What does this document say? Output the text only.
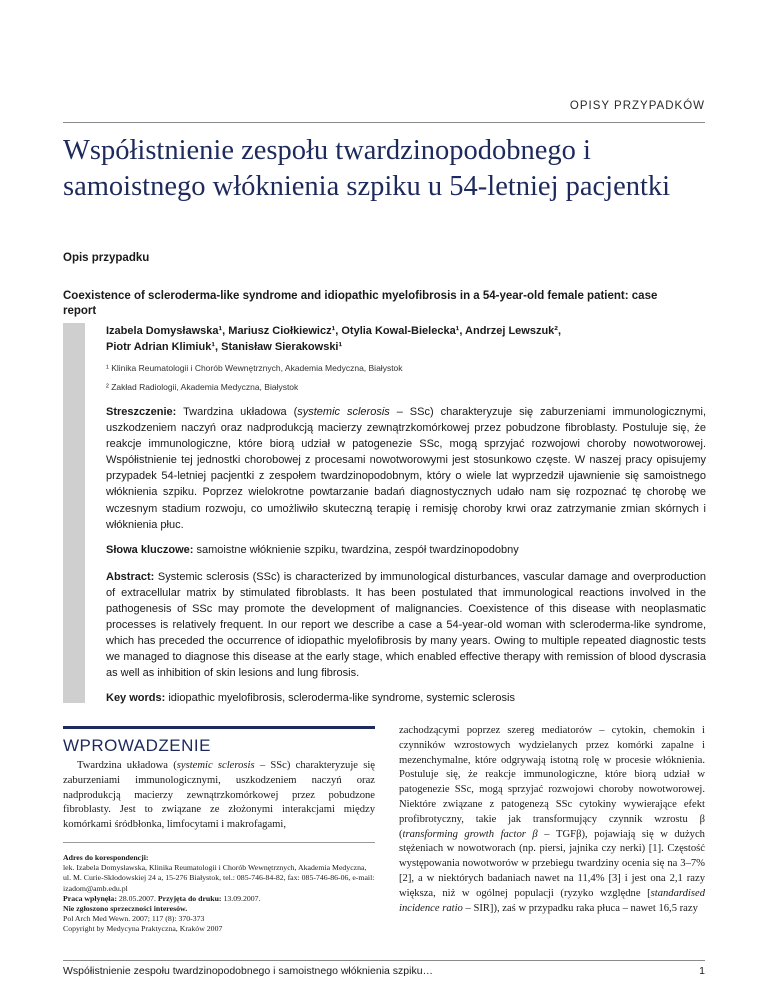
OPISY PRZYPADKÓW
Współistnienie zespołu twardzinopodobnego i samoistnego włóknienia szpiku u 54-letniej pacjentki
Opis przypadku
Coexistence of scleroderma-like syndrome and idiopathic myelofibrosis in a 54-year-old female patient: case report

Izabela Domysławska¹, Mariusz Ciołkiewicz¹, Otylia Kowal-Bielecka¹, Andrzej Lewszuk²,
Piotr Adrian Klimiuk¹, Stanisław Sierakowski¹

¹ Klinika Reumatologii i Chorób Wewnętrznych, Akademia Medyczna, Białystok

² Zakład Radiologii, Akademia Medyczna, Białystok

Streszczenie: Twardzina układowa (systemic sclerosis – SSc) charakteryzuje się zaburzeniami immunologicznymi, uszkodzeniem naczyń oraz nadprodukcją macierzy zewnątrzkomórkowej przez pobudzone fibroblasty. Postuluje się, że reakcje immunologiczne, które biorą udział w patogenezie SSc, mogą sprzyjać rozwojowi choroby nowotworowej. Współistnienie tej jednostki chorobowej z procesami nowotworowymi jest stosunkowo częste. W naszej pracy opisujemy przypadek 54-letniej pacjentki z zespołem twardzinopodobnym, który o wiele lat wyprzedził ujawnienie się samoistnego włóknienia szpiku. Poprzez wielokrotne powtarzanie badań diagnostycznych udało nam się rozpoznać tę chorobę we wczesnym stadium rozwoju, co umożliwiło skuteczną terapię i remisję choroby krwi oraz zatrzymanie zmian skórnych i włóknienia płuc.

Słowa kluczowe: samoistne włóknienie szpiku, twardzina, zespół twardzinopodobny

Abstract: Systemic sclerosis (SSc) is characterized by immunological disturbances, vascular damage and overproduction of extracellular matrix by stimulated fibroblasts. It has been postulated that immunological reactions involved in the pathogenesis of SSc may promote the development of malignancies. Coexistence of this disease with neoplasmatic processes is relatively frequent. In our report we describe a case a 54-year-old woman with scleroderma-like syndrome, which has preceded the occurrence of idiopathic myelofibrosis by many years. Owing to multiple repeated diagnostic tests we managed to diagnose this disease at the early stage, which enabled effective therapy with remission of blood dyscrasia as well as inhibition of skin lesions and lung fibrosis.

Key words: idiopathic myelofibrosis, scleroderma-like syndrome, systemic sclerosis

WPROWADZENIE

Twardzina układowa (systemic sclerosis – SSc) charakteryzuje się zaburzeniami immunologicznymi, uszkodzeniem naczyń oraz nadprodukcją macierzy zewnątrzkomórkowej przez pobudzone fibroblasty. Jest to związane ze złożonymi interakcjami między komórkami śródbłonka, limfocytami i makrofagami,

Adres do korespondencji:
lek. Izabela Domysławska, Klinika Reumatologii i Chorób Wewnętrznych, Akademia Medyczna, ul. M. Curie-Skłodowskiej 24 a, 15-276 Białystok, tel.: 085-746-84-82, fax: 085-746-86-06, e-mail: izadom@amb.edu.pl
Praca wpłynęła: 28.05.2007. Przyjęta do druku: 13.09.2007.
Nie zgłoszono sprzeczności interesów.
Pol Arch Med Wewn. 2007; 117 (8): 370-373
Copyright by Medycyna Praktyczna, Kraków 2007

zachodzącymi poprzez szereg mediatorów – cytokin, chemokin i czynników wzrostowych wydzielanych przez komórki zapalne i mezenchymalne, które odgrywają istotną rolę w procesie włóknienia. Postuluje się, że reakcje immunologiczne, które biorą udział w patogenezie SSc, mogą sprzyjać rozwojowi choroby nowotworowej. Niektóre związane z patogenezą SSc cytokiny wywierające efekt profibrotyczny, takie jak transformujący czynnik wzrostu β (transforming growth factor β – TGFβ), pojawiają się w dużych stężeniach w nowotworach (np. piersi, jajnika czy nerki) [1]. Częstość występowania nowotworów w przebiegu twardziny ocenia się na 3–7% [2], a w niektórych badaniach nawet na 11,4% [3] i jest ona 2,1 razy większa, niż w ogólnej populacji (ryzyko względne [standardised incidence ratio – SIR]), zaś w przypadku raka płuca – nawet 16,5 razy

Współistnienie zespołu twardzinopodobnego i samoistnego włóknienia szpiku…	1
